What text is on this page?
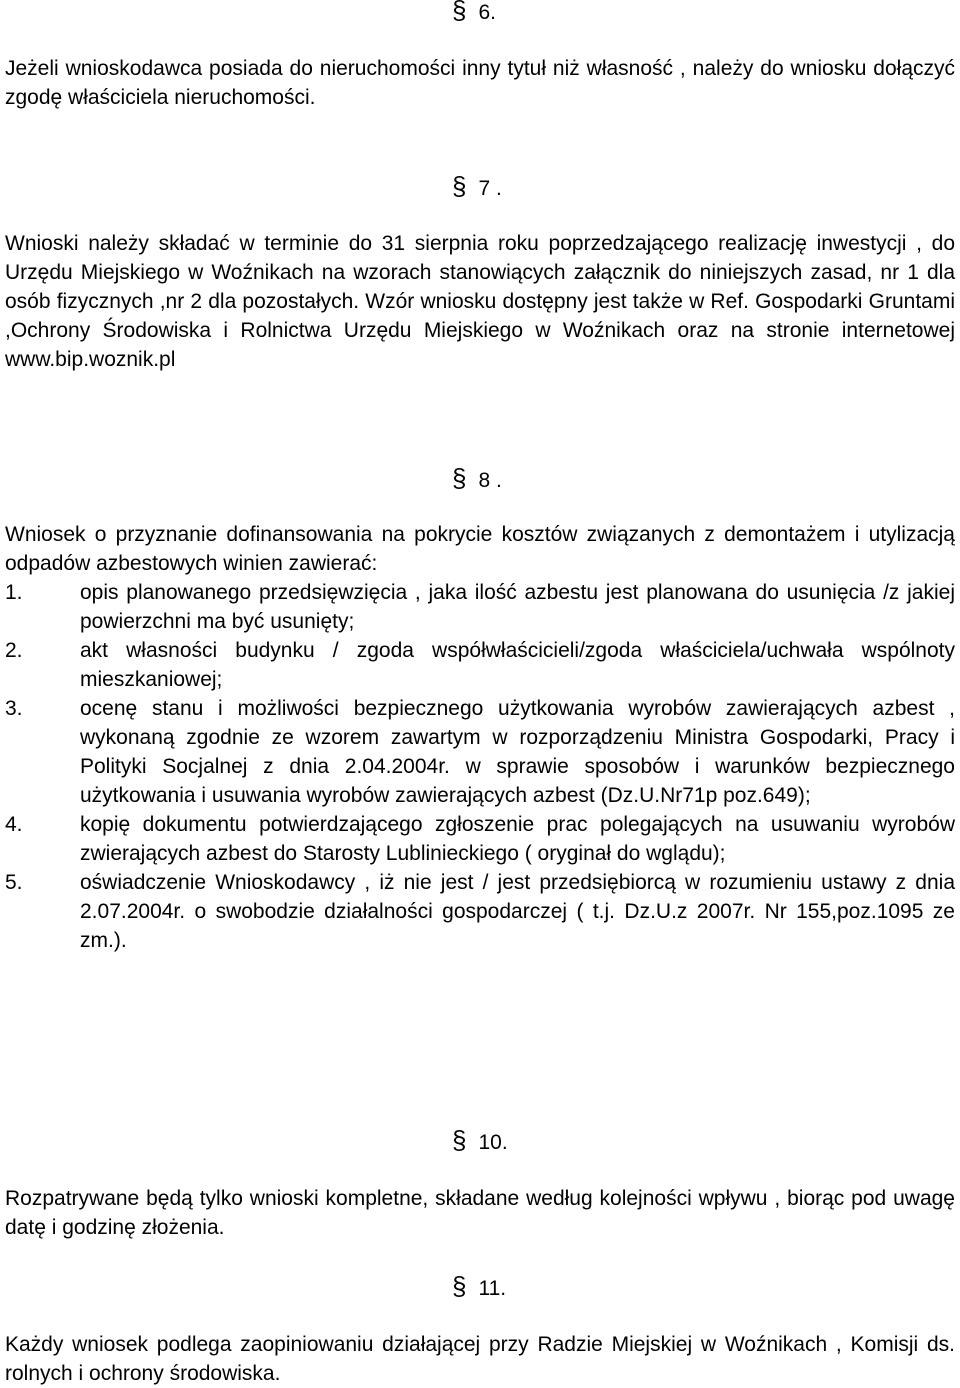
§ 6.

Jeżeli wnioskodawca posiada do nieruchomości inny tytuł niż własność , należy do wniosku dołączyć zgodę właściciela nieruchomości.

§ 7 .

Wnioski należy składać w terminie do 31 sierpnia roku poprzedzającego realizację inwestycji , do Urzędu Miejskiego w Woźnikach na wzorach stanowiących załącznik do niniejszych zasad, nr 1 dla osób fizycznych ,nr 2 dla pozostałych. Wzór wniosku dostępny jest także w Ref. Gospodarki Gruntami ,Ochrony Środowiska i Rolnictwa Urzędu Miejskiego w Woźnikach oraz na stronie internetowej www.bip.woznik.pl

§ 8 .

Wniosek o przyznanie dofinansowania na pokrycie kosztów związanych z demontażem i utylizacją odpadów azbestowych winien zawierać:

1.	opis planowanego przedsięwzięcia , jaka ilość azbestu jest planowana do usunięcia /z jakiej powierzchni ma być usunięty;
2.	akt własności budynku / zgoda współwłaścicieli/zgoda właściciela/uchwała wspólnoty mieszkaniowej;
3.	ocenę stanu i możliwości bezpiecznego użytkowania wyrobów zawierających azbest , wykonaną zgodnie ze wzorem zawartym w rozporządzeniu Ministra Gospodarki, Pracy i Polityki Socjalnej z dnia 2.04.2004r. w sprawie sposobów i warunków bezpiecznego użytkowania i usuwania wyrobów zawierających azbest (Dz.U.Nr71p poz.649);
4.	kopię dokumentu potwierdzającego zgłoszenie prac polegających na usuwaniu wyrobów zwierających azbest do Starosty Lublinieckiego ( oryginał do wglądu);
5.	oświadczenie Wnioskodawcy , iż nie jest / jest przedsiębiorcą w rozumieniu ustawy z dnia 2.07.2004r. o swobodzie działalności gospodarczej ( t.j. Dz.U.z 2007r. Nr 155,poz.1095 ze zm.).
§ 10.

Rozpatrywane będą tylko wnioski kompletne, składane według kolejności wpływu , biorąc pod uwagę datę i godzinę złożenia.

§ 11.

Każdy wniosek podlega zaopiniowaniu działającej przy Radzie Miejskiej w Woźnikach , Komisji ds. rolnych i ochrony środowiska.
